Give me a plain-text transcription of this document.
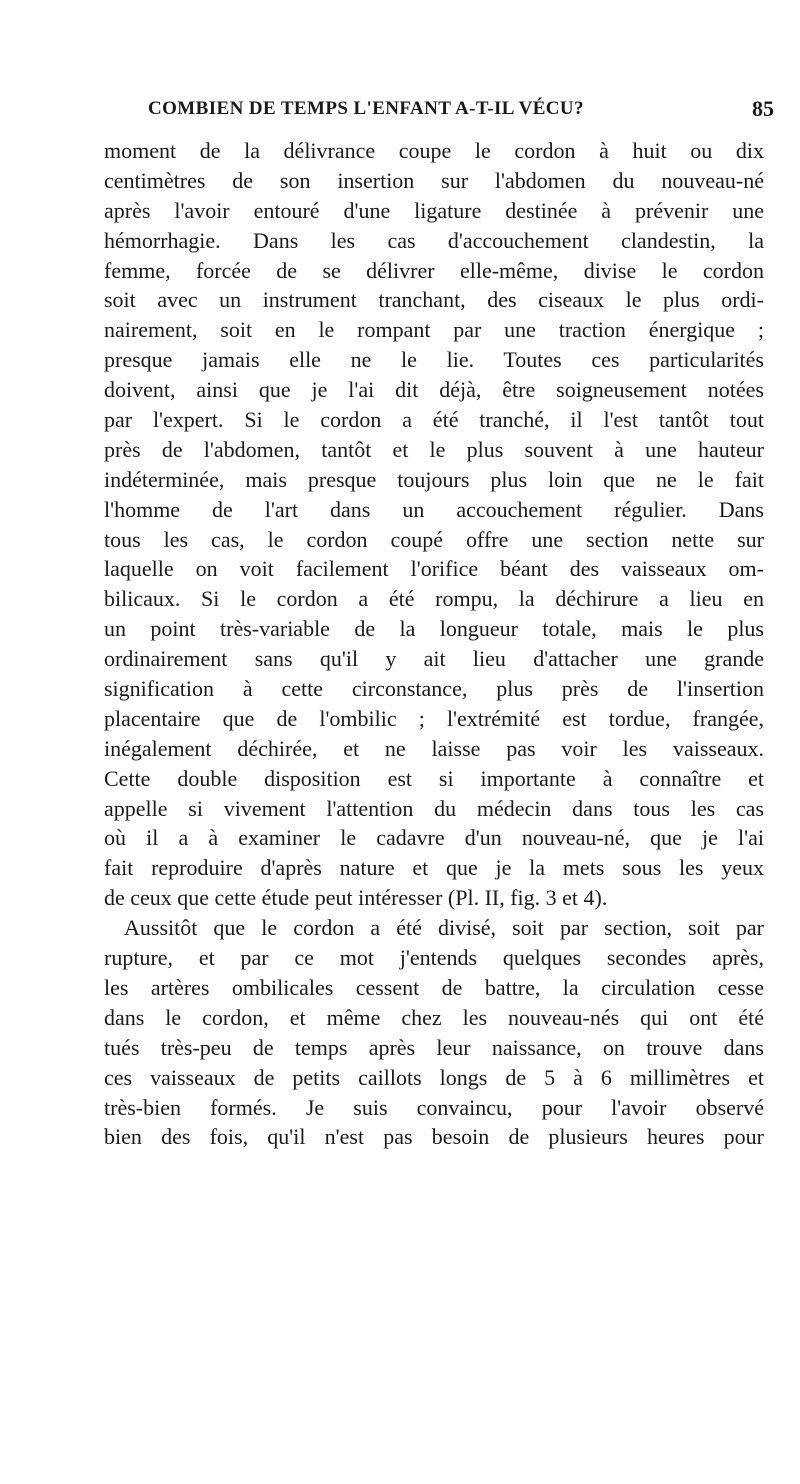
COMBIEN DE TEMPS L'ENFANT A-T-IL VÉCU?	85
moment de la délivrance coupe le cordon à huit ou dix
centimètres de son insertion sur l'abdomen du nouveau-né
après l'avoir entouré d'une ligature destinée à prévenir une
hémorrhagie. Dans les cas d'accouchement clandestin, la
femme, forcée de se délivrer elle-même, divise le cordon
soit avec un instrument tranchant, des ciseaux le plus ordi-
nairement, soit en le rompant par une traction énergique ;
presque jamais elle ne le lie. Toutes ces particularités
doivent, ainsi que je l'ai dit déjà, être soigneusement notées
par l'expert. Si le cordon a été tranché, il l'est tantôt tout
près de l'abdomen, tantôt et le plus souvent à une hauteur
indéterminée, mais presque toujours plus loin que ne le fait
l'homme de l'art dans un accouchement régulier. Dans
tous les cas, le cordon coupé offre une section nette sur
laquelle on voit facilement l'orifice béant des vaisseaux om-
bilicaux. Si le cordon a été rompu, la déchirure a lieu en
un point très-variable de la longueur totale, mais le plus
ordinairement sans qu'il y ait lieu d'attacher une grande
signification à cette circonstance, plus près de l'insertion
placentaire que de l'ombilic ; l'extrémité est tordue, frangée,
inégalement déchirée, et ne laisse pas voir les vaisseaux.
Cette double disposition est si importante à connaître et
appelle si vivement l'attention du médecin dans tous les cas
où il a à examiner le cadavre d'un nouveau-né, que je l'ai
fait reproduire d'après nature et que je la mets sous les yeux
de ceux que cette étude peut intéresser (Pl. II, fig. 3 et 4).
Aussitôt que le cordon a été divisé, soit par section, soit par
rupture, et par ce mot j'entends quelques secondes après,
les artères ombilicales cessent de battre, la circulation cesse
dans le cordon, et même chez les nouveau-nés qui ont été
tués très-peu de temps après leur naissance, on trouve dans
ces vaisseaux de petits caillots longs de 5 à 6 millimètres et
très-bien formés. Je suis convaincu, pour l'avoir observé
bien des fois, qu'il n'est pas besoin de plusieurs heures pour
